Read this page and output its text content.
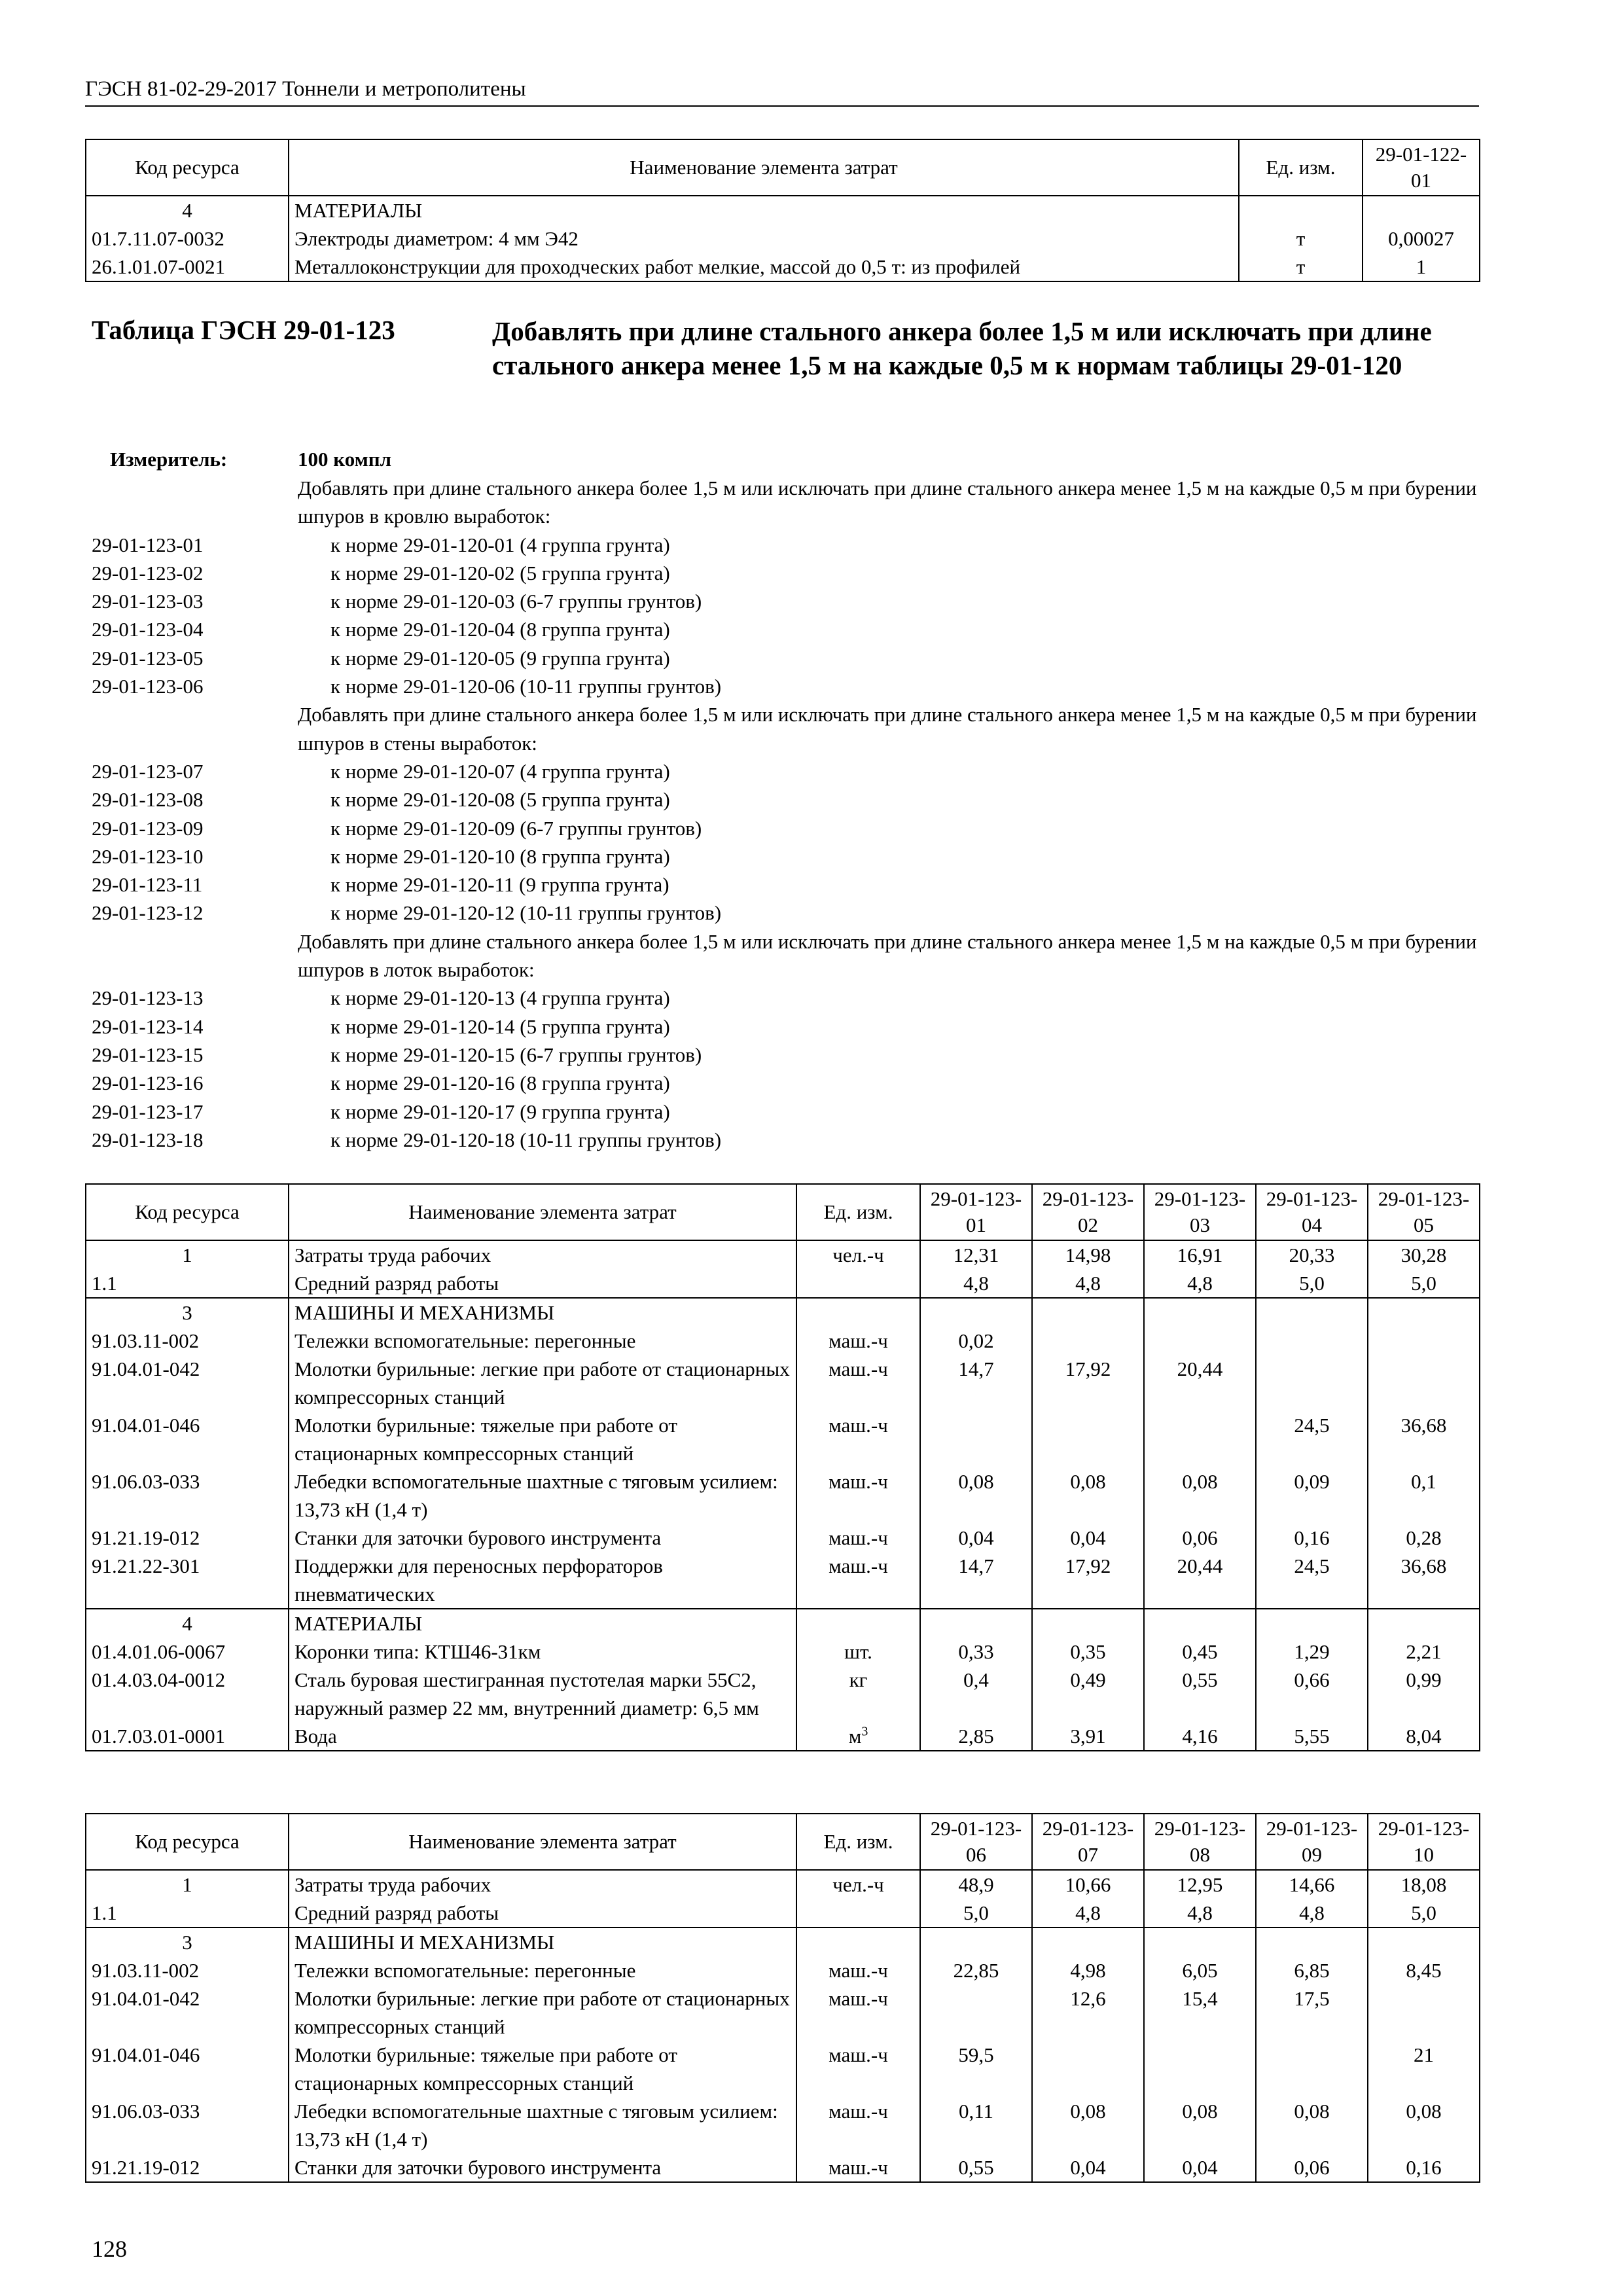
ГЭСН 81-02-29-2017 Тоннели и метрополитены
Код ресурса	Наименование элемента затрат	Ед. изм.	29-01-122-01
4	МАТЕРИАЛЫ		
01.7.11.07-0032	Электроды диаметром: 4 мм Э42	т	0,00027
26.1.01.07-0021	Металлоконструкции для проходческих работ мелкие, массой до 0,5 т: из профилей	т	1
Таблица ГЭСН 29-01-123	Добавлять при длине стального анкера более 1,5 м или исключать при длине стального анкера менее 1,5 м на каждые 0,5 м к нормам таблицы 29-01-120
Измеритель:	100 компл
Добавлять при длине стального анкера более 1,5 м или исключать при длине стального анкера менее 1,5 м на каждые 0,5 м при бурении шпуров в кровлю выработок:
29-01-123-01	к норме 29-01-120-01 (4 группа грунта)
29-01-123-02	к норме 29-01-120-02 (5 группа грунта)
29-01-123-03	к норме 29-01-120-03 (6-7 группы грунтов)
29-01-123-04	к норме 29-01-120-04 (8 группа грунта)
29-01-123-05	к норме 29-01-120-05 (9 группа грунта)
29-01-123-06	к норме 29-01-120-06 (10-11 группы грунтов)
Добавлять при длине стального анкера более 1,5 м или исключать при длине стального анкера менее 1,5 м на каждые 0,5 м при бурении шпуров в стены выработок:
29-01-123-07	к норме 29-01-120-07 (4 группа грунта)
29-01-123-08	к норме 29-01-120-08 (5 группа грунта)
29-01-123-09	к норме 29-01-120-09 (6-7 группы грунтов)
29-01-123-10	к норме 29-01-120-10 (8 группа грунта)
29-01-123-11	к норме 29-01-120-11 (9 группа грунта)
29-01-123-12	к норме 29-01-120-12 (10-11 группы грунтов)
Добавлять при длине стального анкера более 1,5 м или исключать при длине стального анкера менее 1,5 м на каждые 0,5 м при бурении шпуров в лоток выработок:
29-01-123-13	к норме 29-01-120-13 (4 группа грунта)
29-01-123-14	к норме 29-01-120-14 (5 группа грунта)
29-01-123-15	к норме 29-01-120-15 (6-7 группы грунтов)
29-01-123-16	к норме 29-01-120-16 (8 группа грунта)
29-01-123-17	к норме 29-01-120-17 (9 группа грунта)
29-01-123-18	к норме 29-01-120-18 (10-11 группы грунтов)
Код ресурса	Наименование элемента затрат	Ед. изм.	29-01-123-01	29-01-123-02	29-01-123-03	29-01-123-04	29-01-123-05
1	Затраты труда рабочих	чел.-ч	12,31	14,98	16,91	20,33	30,28
1.1	Средний разряд работы		4,8	4,8	4,8	5,0	5,0
3	МАШИНЫ И МЕХАНИЗМЫ						
91.03.11-002	Тележки вспомогательные: перегонные	маш.-ч	0,02				
91.04.01-042	Молотки бурильные: легкие при работе от стационарных компрессорных станций	маш.-ч	14,7	17,92	20,44		
91.04.01-046	Молотки бурильные: тяжелые при работе от стационарных компрессорных станций	маш.-ч				24,5	36,68
91.06.03-033	Лебедки вспомогательные шахтные с тяговым усилием: 13,73 кН (1,4 т)	маш.-ч	0,08	0,08	0,08	0,09	0,1
91.21.19-012	Станки для заточки бурового инструмента	маш.-ч	0,04	0,04	0,06	0,16	0,28
91.21.22-301	Поддержки для переносных перфораторов пневматических	маш.-ч	14,7	17,92	20,44	24,5	36,68
4	МАТЕРИАЛЫ						
01.4.01.06-0067	Коронки типа: КТШ46-31км	шт.	0,33	0,35	0,45	1,29	2,21
01.4.03.04-0012	Сталь буровая шестигранная пустотелая марки 55С2, наружный размер 22 мм, внутренний диаметр: 6,5 мм	кг	0,4	0,49	0,55	0,66	0,99
01.7.03.01-0001	Вода	$м^3$	2,85	3,91	4,16	5,55	8,04
Код ресурса	Наименование элемента затрат	Ед. изм.	29-01-123-06	29-01-123-07	29-01-123-08	29-01-123-09	29-01-123-10
1	Затраты труда рабочих	чел.-ч	48,9	10,66	12,95	14,66	18,08
1.1	Средний разряд работы		5,0	4,8	4,8	4,8	5,0
3	МАШИНЫ И МЕХАНИЗМЫ						
91.03.11-002	Тележки вспомогательные: перегонные	маш.-ч	22,85	4,98	6,05	6,85	8,45
91.04.01-042	Молотки бурильные: легкие при работе от стационарных компрессорных станций	маш.-ч		12,6	15,4	17,5	
91.04.01-046	Молотки бурильные: тяжелые при работе от стационарных компрессорных станций	маш.-ч	59,5				21
91.06.03-033	Лебедки вспомогательные шахтные с тяговым усилием: 13,73 кН (1,4 т)	маш.-ч	0,11	0,08	0,08	0,08	0,08
91.21.19-012	Станки для заточки бурового инструмента	маш.-ч	0,55	0,04	0,04	0,06	0,16
128
